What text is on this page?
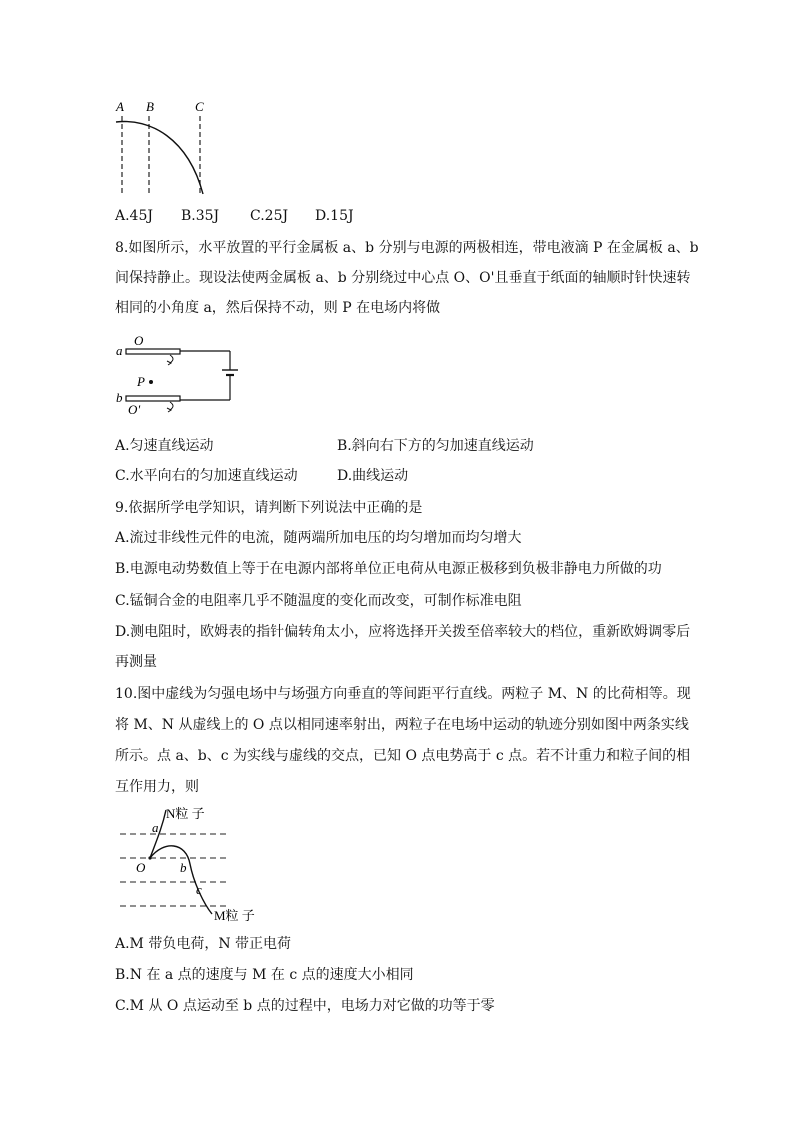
A B	C
A.45J B.35J C.25J D.15J
8.如图所示，水平放置的平行金属板 a、b 分别与电源的两极相连，带电液滴 P 在金属板 a、b
间保持静止。现设法使两金属板 a、b 分别绕过中心点 O、O'且垂直于纸面的轴顺时针快速转
相同的小角度 a，然后保持不动，则 P 在电场内将做
O
a
P
b
O'
A.匀速直线运动	B.斜向右下方的匀加速直线运动
C.水平向右的匀加速直线运动	D.曲线运动
9.依据所学电学知识，请判断下列说法中正确的是
A.流过非线性元件的电流，随两端所加电压的均匀增加而均匀增大
B.电源电动势数值上等于在电源内部将单位正电荷从电源正极移到负极非静电力所做的功
C.锰铜合金的电阻率几乎不随温度的变化而改变，可制作标准电阻
D.测电阻时，欧姆表的指针偏转角太小，应将选择开关拨至倍率较大的档位，重新欧姆调零后
再测量
10.图中虚线为匀强电场中与场强方向垂直的等间距平行直线。两粒子 M、N 的比荷相等。现
将 M、N 从虚线上的 O 点以相同速率射出，两粒子在电场中运动的轨迹分别如图中两条实线
所示。点 a、b、c 为实线与虚线的交点，已知 O 点电势高于 c 点。若不计重力和粒子间的相
互作用力，则
N粒 子
a
O	b
c
M粒 子
A.M 带负电荷，N 带正电荷
B.N 在 a 点的速度与 M 在 c 点的速度大小相同
C.M 从 O 点运动至 b 点的过程中，电场力对它做的功等于零
